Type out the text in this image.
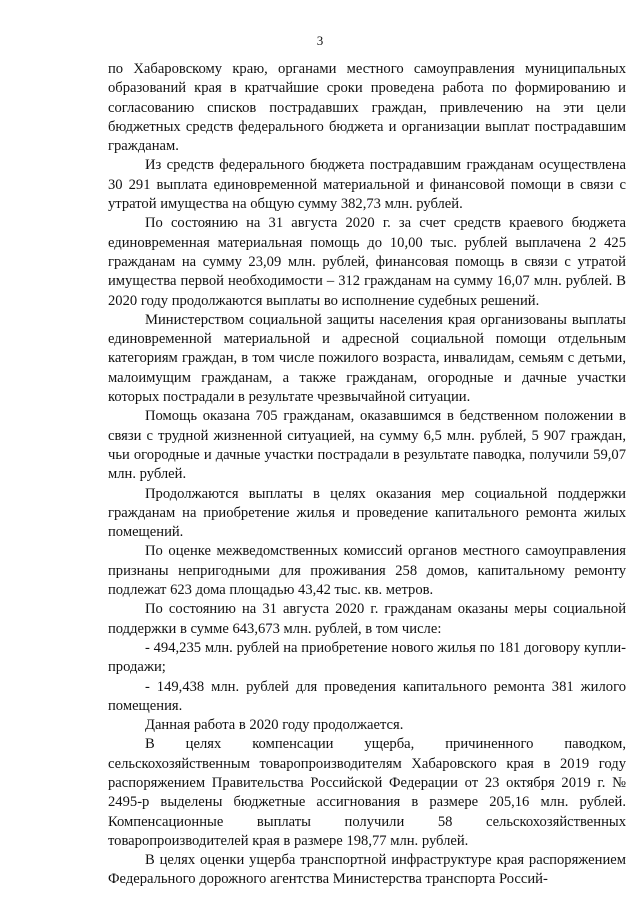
3

по Хабаровскому краю, органами местного самоуправления муниципальных образований края в кратчайшие сроки проведена работа по формированию и согласованию списков пострадавших граждан, привлечению на эти цели бюджетных средств федерального бюджета и организации выплат пострадавшим гражданам.

Из средств федерального бюджета пострадавшим гражданам осуществлена 30 291 выплата единовременной материальной и финансовой помощи в связи с утратой имущества на общую сумму 382,73 млн. рублей.

По состоянию на 31 августа 2020 г. за счет средств краевого бюджета единовременная материальная помощь до 10,00 тыс. рублей выплачена 2 425 гражданам на сумму 23,09 млн. рублей, финансовая помощь в связи с утратой имущества первой необходимости – 312 гражданам на сумму 16,07 млн. рублей. В 2020 году продолжаются выплаты во исполнение судебных решений.

Министерством социальной защиты населения края организованы выплаты единовременной материальной и адресной социальной помощи отдельным категориям граждан, в том числе пожилого возраста, инвалидам, семьям с детьми, малоимущим гражданам, а также гражданам, огородные и дачные участки которых пострадали в результате чрезвычайной ситуации.

Помощь оказана 705 гражданам, оказавшимся в бедственном положении в связи с трудной жизненной ситуацией, на сумму 6,5 млн. рублей, 5 907 граждан, чьи огородные и дачные участки пострадали в результате паводка, получили 59,07 млн. рублей.

Продолжаются выплаты в целях оказания мер социальной поддержки гражданам на приобретение жилья и проведение капитального ремонта жилых помещений.

По оценке межведомственных комиссий органов местного самоуправления признаны непригодными для проживания 258 домов, капитальному ремонту подлежат 623 дома площадью 43,42 тыс. кв. метров.

По состоянию на 31 августа 2020 г. гражданам оказаны меры социальной поддержки в сумме 643,673 млн. рублей, в том числе:

- 494,235 млн. рублей на приобретение нового жилья по 181 договору купли-продажи;

- 149,438 млн. рублей для проведения капитального ремонта 381 жилого помещения.

Данная работа в 2020 году продолжается.

В целях компенсации ущерба, причиненного паводком, сельскохозяйственным товаропроизводителям Хабаровского края в 2019 году распоряжением Правительства Российской Федерации от 23 октября 2019 г. № 2495-р выделены бюджетные ассигнования в размере 205,16 млн. рублей. Компенсационные выплаты получили 58 сельскохозяйственных товаропроизводителей края в размере 198,77 млн. рублей.

В целях оценки ущерба транспортной инфраструктуре края распоряжением Федерального дорожного агентства Министерства транспорта Россий-
